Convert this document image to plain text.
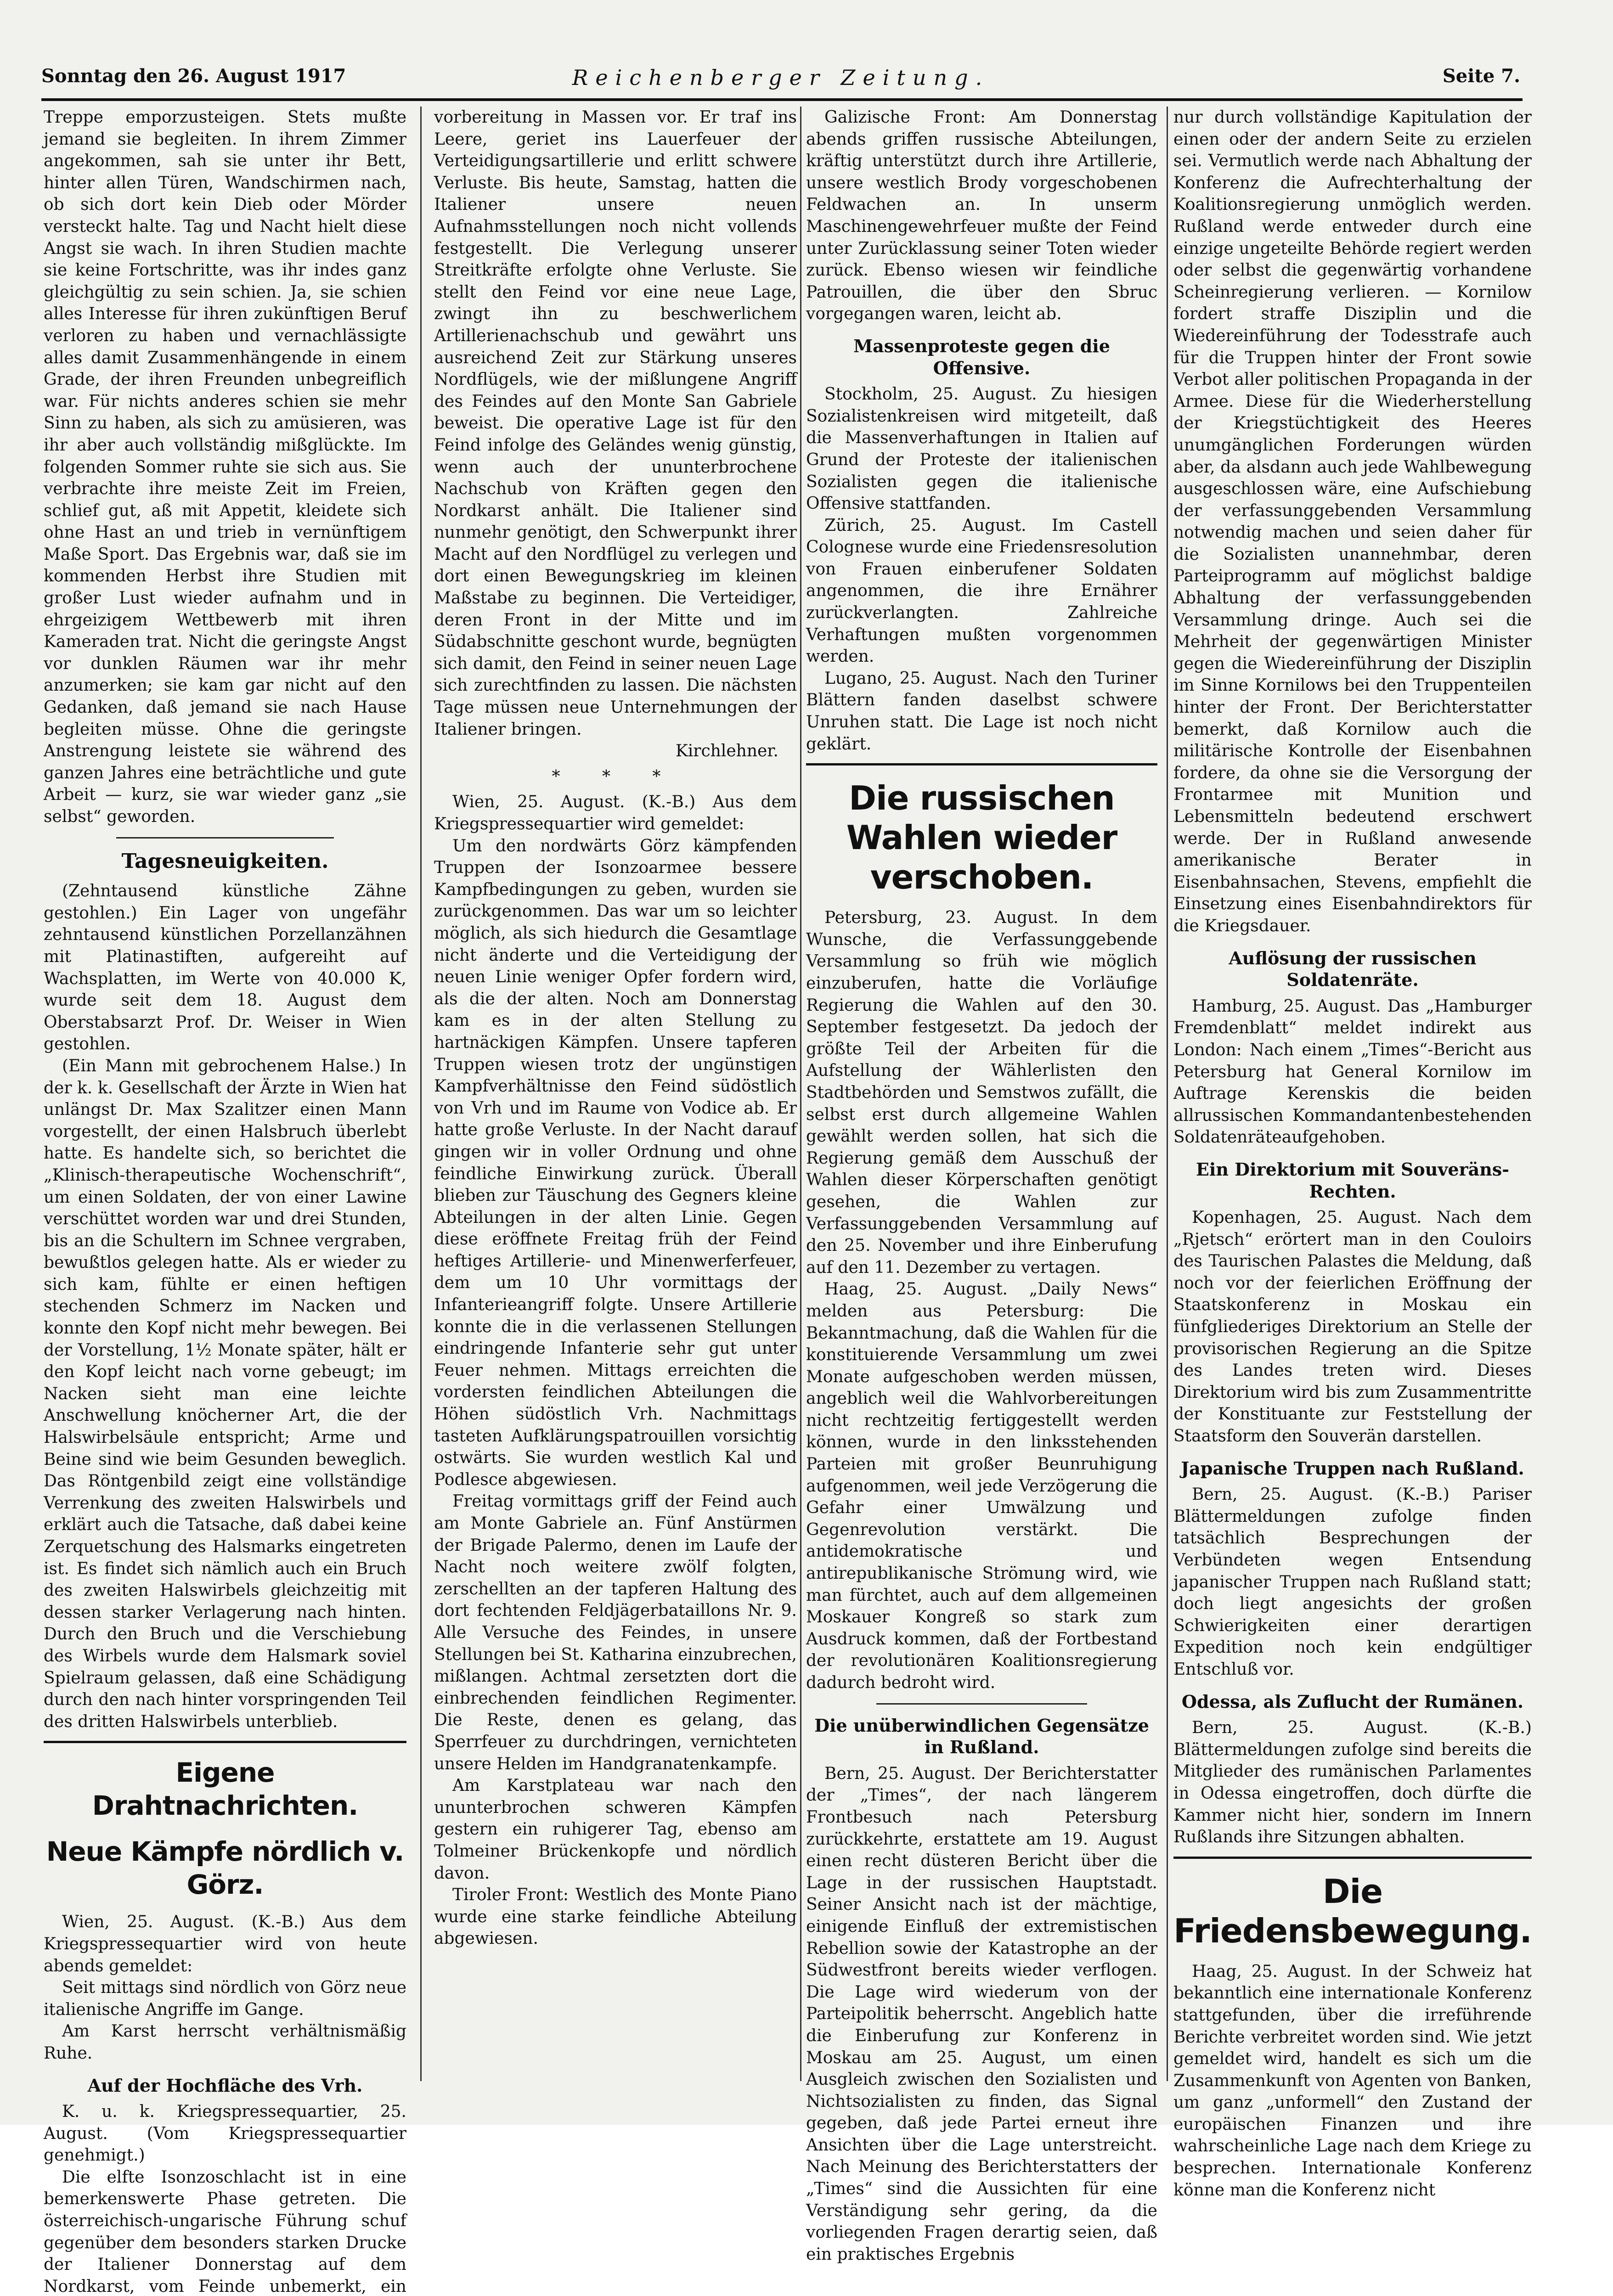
Sonntag den 26. August 1917	Reichenberger Zeitung.	Seite 7.

Treppe emporzusteigen. Stets mußte jemand sie begleiten. In ihrem Zimmer angekommen, sah sie unter ihr Bett, hinter allen Türen, Wandschirmen nach, ob sich dort kein Dieb oder Mörder versteckt halte. Tag und Nacht hielt diese Angst sie wach. In ihren Studien machte sie keine Fortschritte, was ihr indes ganz gleichgültig zu sein schien. Ja, sie schien alles Interesse für ihren zukünftigen Beruf verloren zu haben und vernachlässigte alles damit Zusammenhängende in einem Grade, der ihren Freunden unbegreiflich war. Für nichts anderes schien sie mehr Sinn zu haben, als sich zu amüsieren, was ihr aber auch vollständig mißglückte. Im folgenden Sommer ruhte sie sich aus. Sie verbrachte ihre meiste Zeit im Freien, schlief gut, aß mit Appetit, kleidete sich ohne Hast an und trieb in vernünftigem Maße Sport. Das Ergebnis war, daß sie im kommenden Herbst ihre Studien mit großer Lust wieder aufnahm und in ehrgeizigem Wettbewerb mit ihren Kameraden trat. Nicht die geringste Angst vor dunklen Räumen war ihr mehr anzumerken; sie kam gar nicht auf den Gedanken, daß jemand sie nach Hause begleiten müsse. Ohne die geringste Anstrengung leistete sie während des ganzen Jahres eine beträchtliche und gute Arbeit — kurz, sie war wieder ganz „sie selbst“ geworden.

Tagesneuigkeiten.

(Zehntausend künstliche Zähne gestohlen.) Ein Lager von ungefähr zehntausend künstlichen Porzellanzähnen mit Platinastiften, aufgereiht auf Wachsplatten, im Werte von 40.000 K, wurde seit dem 18. August dem Oberstabsarzt Prof. Dr. Weiser in Wien gestohlen.

(Ein Mann mit gebrochenem Halse.) In der k. k. Gesellschaft der Ärzte in Wien hat unlängst Dr. Max Szalitzer einen Mann vorgestellt, der einen Halsbruch überlebt hatte. Es handelte sich, so berichtet die „Klinisch-therapeutische Wochenschrift“, um einen Soldaten, der von einer Lawine verschüttet worden war und drei Stunden, bis an die Schultern im Schnee vergraben, bewußtlos gelegen hatte. Als er wieder zu sich kam, fühlte er einen heftigen stechenden Schmerz im Nacken und konnte den Kopf nicht mehr bewegen. Bei der Vorstellung, 1½ Monate später, hält er den Kopf leicht nach vorne gebeugt; im Nacken sieht man eine leichte Anschwellung knöcherner Art, die der Halswirbelsäule entspricht; Arme und Beine sind wie beim Gesunden beweglich. Das Röntgenbild zeigt eine vollständige Verrenkung des zweiten Halswirbels und erklärt auch die Tatsache, daß dabei keine Zerquetschung des Halsmarks eingetreten ist. Es findet sich nämlich auch ein Bruch des zweiten Halswirbels gleichzeitig mit dessen starker Verlagerung nach hinten. Durch den Bruch und die Verschiebung des Wirbels wurde dem Halsmark soviel Spielraum gelassen, daß eine Schädigung durch den nach hinter vorspringenden Teil des dritten Halswirbels unterblieb.

Eigene Drahtnachrichten.
Neue Kämpfe nördlich v. Görz.

Wien, 25. August. (K.-B.) Aus dem Kriegspressequartier wird von heute abends gemeldet:

Seit mittags sind nördlich von Görz neue italienische Angriffe im Gange.

Am Karst herrscht verhältnismäßig Ruhe.

Auf der Hochfläche des Vrh.

K. u. k. Kriegspressequartier, 25. August. (Vom Kriegspressequartier genehmigt.)

Die elfte Isonzoschlacht ist in eine bemerkenswerte Phase getreten. Die österreichisch-ungarische Führung schuf gegenüber dem besonders starken Drucke der Italiener Donnerstag auf dem Nordkarst, vom Feinde unbemerkt, ein

vorbereitung in Massen vor. Er traf ins Leere, geriet ins Lauerfeuer der Verteidigungsartillerie und erlitt schwere Verluste. Bis heute, Samstag, hatten die Italiener unsere neuen Aufnahmsstellungen noch nicht vollends festgestellt. Die Verlegung unserer Streitkräfte erfolgte ohne Verluste. Sie stellt den Feind vor eine neue Lage, zwingt ihn zu beschwerlichem Artillerienachschub und gewährt uns ausreichend Zeit zur Stärkung unseres Nordflügels, wie der mißlungene Angriff des Feindes auf den Monte San Gabriele beweist. Die operative Lage ist für den Feind infolge des Geländes wenig günstig, wenn auch der ununterbrochene Nachschub von Kräften gegen den Nordkarst anhält. Die Italiener sind nunmehr genötigt, den Schwerpunkt ihrer Macht auf den Nordflügel zu verlegen und dort einen Bewegungskrieg im kleinen Maßstabe zu beginnen. Die Verteidiger, deren Front in der Mitte und im Südabschnitte geschont wurde, begnügten sich damit, den Feind in seiner neuen Lage sich zurechtfinden zu lassen. Die nächsten Tage müssen neue Unternehmungen der Italiener bringen.

Kirchlehner.

* * *

Wien, 25. August. (K.-B.) Aus dem Kriegspressequartier wird gemeldet:

Um den nordwärts Görz kämpfenden Truppen der Isonzoarmee bessere Kampfbedingungen zu geben, wurden sie zurückgenommen. Das war um so leichter möglich, als sich hiedurch die Gesamtlage nicht änderte und die Verteidigung der neuen Linie weniger Opfer fordern wird, als die der alten. Noch am Donnerstag kam es in der alten Stellung zu hartnäckigen Kämpfen. Unsere tapferen Truppen wiesen trotz der ungünstigen Kampfverhältnisse den Feind südöstlich von Vrh und im Raume von Vodice ab. Er hatte große Verluste. In der Nacht darauf gingen wir in voller Ordnung und ohne feindliche Einwirkung zurück. Überall blieben zur Täuschung des Gegners kleine Abteilungen in der alten Linie. Gegen diese eröffnete Freitag früh der Feind heftiges Artillerie- und Minenwerferfeuer, dem um 10 Uhr vormittags der Infanterieangriff folgte. Unsere Artillerie konnte die in die verlassenen Stellungen eindringende Infanterie sehr gut unter Feuer nehmen. Mittags erreichten die vordersten feindlichen Abteilungen die Höhen südöstlich Vrh. Nachmittags tasteten Aufklärungspatrouillen vorsichtig ostwärts. Sie wurden westlich Kal und Podlesce abgewiesen.

Freitag vormittags griff der Feind auch am Monte Gabriele an. Fünf Anstürmen der Brigade Palermo, denen im Laufe der Nacht noch weitere zwölf folgten, zerschellten an der tapferen Haltung des dort fechtenden Feldjägerbataillons Nr. 9. Alle Versuche des Feindes, in unsere Stellungen bei St. Katharina einzubrechen, mißlangen. Achtmal zersetzten dort die einbrechenden feindlichen Regimenter. Die Reste, denen es gelang, das Sperrfeuer zu durchdringen, vernichteten unsere Helden im Handgranatenkampfe.

Am Karstplateau war nach den ununterbrochen schweren Kämpfen gestern ein ruhigerer Tag, ebenso am Tolmeiner Brückenkopfe und nördlich davon.

Tiroler Front: Westlich des Monte Piano wurde eine starke feindliche Abteilung abgewiesen.

Galizische Front: Am Donnerstag abends griffen russische Abteilungen, kräftig unterstützt durch ihre Artillerie, unsere westlich Brody vorgeschobenen Feldwachen an. In unserm Maschinengewehrfeuer mußte der Feind unter Zurücklassung seiner Toten wieder zurück. Ebenso wiesen wir feindliche Patrouillen, die über den Sbruc vorgegangen waren, leicht ab.

Massenproteste gegen die Offensive.

Stockholm, 25. August. Zu hiesigen Sozialistenkreisen wird mitgeteilt, daß die Massenverhaftungen in Italien auf Grund der Proteste der italienischen Sozialisten gegen die italienische Offensive stattfanden.

Zürich, 25. August. Im Castell Colognese wurde eine Friedensresolution von Frauen einberufener Soldaten angenommen, die ihre Ernährer zurückverlangten. Zahlreiche Verhaftungen mußten vorgenommen werden.

Lugano, 25. August. Nach den Turiner Blättern fanden daselbst schwere Unruhen statt. Die Lage ist noch nicht geklärt.

Die russischen Wahlen wieder verschoben.

Petersburg, 23. August. In dem Wunsche, die Verfassunggebende Versammlung so früh wie möglich einzuberufen, hatte die Vorläufige Regierung die Wahlen auf den 30. September festgesetzt. Da jedoch der größte Teil der Arbeiten für die Aufstellung der Wählerlisten den Stadtbehörden und Semstwos zufällt, die selbst erst durch allgemeine Wahlen gewählt werden sollen, hat sich die Regierung gemäß dem Ausschuß der Wahlen dieser Körperschaften genötigt gesehen, die Wahlen zur Verfassunggebenden Versammlung auf den 25. November und ihre Einberufung auf den 11. Dezember zu vertagen.

Haag, 25. August. „Daily News“ melden aus Petersburg: Die Bekanntmachung, daß die Wahlen für die konstituierende Versammlung um zwei Monate aufgeschoben werden müssen, angeblich weil die Wahlvorbereitungen nicht rechtzeitig fertiggestellt werden können, wurde in den linksstehenden Parteien mit großer Beunruhigung aufgenommen, weil jede Verzögerung die Gefahr einer Umwälzung und Gegenrevolution verstärkt. Die antidemokratische und antirepublikanische Strömung wird, wie man fürchtet, auch auf dem allgemeinen Moskauer Kongreß so stark zum Ausdruck kommen, daß der Fortbestand der revolutionären Koalitionsregierung dadurch bedroht wird.

Die unüberwindlichen Gegensätze in Rußland.

Bern, 25. August. Der Berichterstatter der „Times“, der nach längerem Frontbesuch nach Petersburg zurückkehrte, erstattete am 19. August einen recht düsteren Bericht über die Lage in der russischen Hauptstadt. Seiner Ansicht nach ist der mächtige, einigende Einfluß der extremistischen Rebellion sowie der Katastrophe an der Südwestfront bereits wieder verflogen. Die Lage wird wiederum von der Parteipolitik beherrscht. Angeblich hatte die Einberufung zur Konferenz in Moskau am 25. August, um einen Ausgleich zwischen den Sozialisten und Nichtsozialisten zu finden, das Signal gegeben, daß jede Partei erneut ihre Ansichten über die Lage unterstreicht. Nach Meinung des Berichterstatters der „Times“ sind die Aussichten für eine Verständigung sehr gering, da die vorliegenden Fragen derartig seien, daß ein praktisches Ergebnis

nur durch vollständige Kapitulation der einen oder der andern Seite zu erzielen sei. Vermutlich werde nach Abhaltung der Konferenz die Aufrechterhaltung der Koalitionsregierung unmöglich werden. Rußland werde entweder durch eine einzige ungeteilte Behörde regiert werden oder selbst die gegenwärtig vorhandene Scheinregierung verlieren. — Kornilow fordert straffe Disziplin und die Wiedereinführung der Todesstrafe auch für die Truppen hinter der Front sowie Verbot aller politischen Propaganda in der Armee. Diese für die Wiederherstellung der Kriegstüchtigkeit des Heeres unumgänglichen Forderungen würden aber, da alsdann auch jede Wahlbewegung ausgeschlossen wäre, eine Aufschiebung der verfassunggebenden Versammlung notwendig machen und seien daher für die Sozialisten unannehmbar, deren Parteiprogramm auf möglichst baldige Abhaltung der verfassunggebenden Versammlung dringe. Auch sei die Mehrheit der gegenwärtigen Minister gegen die Wiedereinführung der Disziplin im Sinne Kornilows bei den Truppenteilen hinter der Front. Der Berichterstatter bemerkt, daß Kornilow auch die militärische Kontrolle der Eisenbahnen fordere, da ohne sie die Versorgung der Frontarmee mit Munition und Lebensmitteln bedeutend erschwert werde. Der in Rußland anwesende amerikanische Berater in Eisenbahnsachen, Stevens, empfiehlt die Einsetzung eines Eisenbahndirektors für die Kriegsdauer.

Auflösung der russischen Soldatenräte.

Hamburg, 25. August. Das „Hamburger Fremdenblatt“ meldet indirekt aus London: Nach einem „Times“-Bericht aus Petersburg hat General Kornilow im Auftrage Kerenskis die beiden allrussischen Kommandantenbestehenden Soldatenräteaufgehoben.

Ein Direktorium mit Souveräns-Rechten.

Kopenhagen, 25. August. Nach dem „Rjetsch“ erörtert man in den Couloirs des Taurischen Palastes die Meldung, daß noch vor der feierlichen Eröffnung der Staatskonferenz in Moskau ein fünfgliederiges Direktorium an Stelle der provisorischen Regierung an die Spitze des Landes treten wird. Dieses Direktorium wird bis zum Zusammentritte der Konstituante zur Feststellung der Staatsform den Souverän darstellen.

Japanische Truppen nach Rußland.

Bern, 25. August. (K.-B.) Pariser Blättermeldungen zufolge finden tatsächlich Besprechungen der Verbündeten wegen Entsendung japanischer Truppen nach Rußland statt; doch liegt angesichts der großen Schwierigkeiten einer derartigen Expedition noch kein endgültiger Entschluß vor.

Odessa, als Zuflucht der Rumänen.

Bern, 25. August. (K.-B.) Blättermeldungen zufolge sind bereits die Mitglieder des rumänischen Parlamentes in Odessa eingetroffen, doch dürfte die Kammer nicht hier, sondern im Innern Rußlands ihre Sitzungen abhalten.

Die Friedensbewegung.

Haag, 25. August. In der Schweiz hat bekanntlich eine internationale Konferenz stattgefunden, über die irreführende Berichte verbreitet worden sind. Wie jetzt gemeldet wird, handelt es sich um die Zusammenkunft von Agenten von Banken, um ganz „unformell“ den Zustand der europäischen Finanzen und ihre wahrscheinliche Lage nach dem Kriege zu besprechen. Internationale Konferenz könne man die Konferenz nicht
